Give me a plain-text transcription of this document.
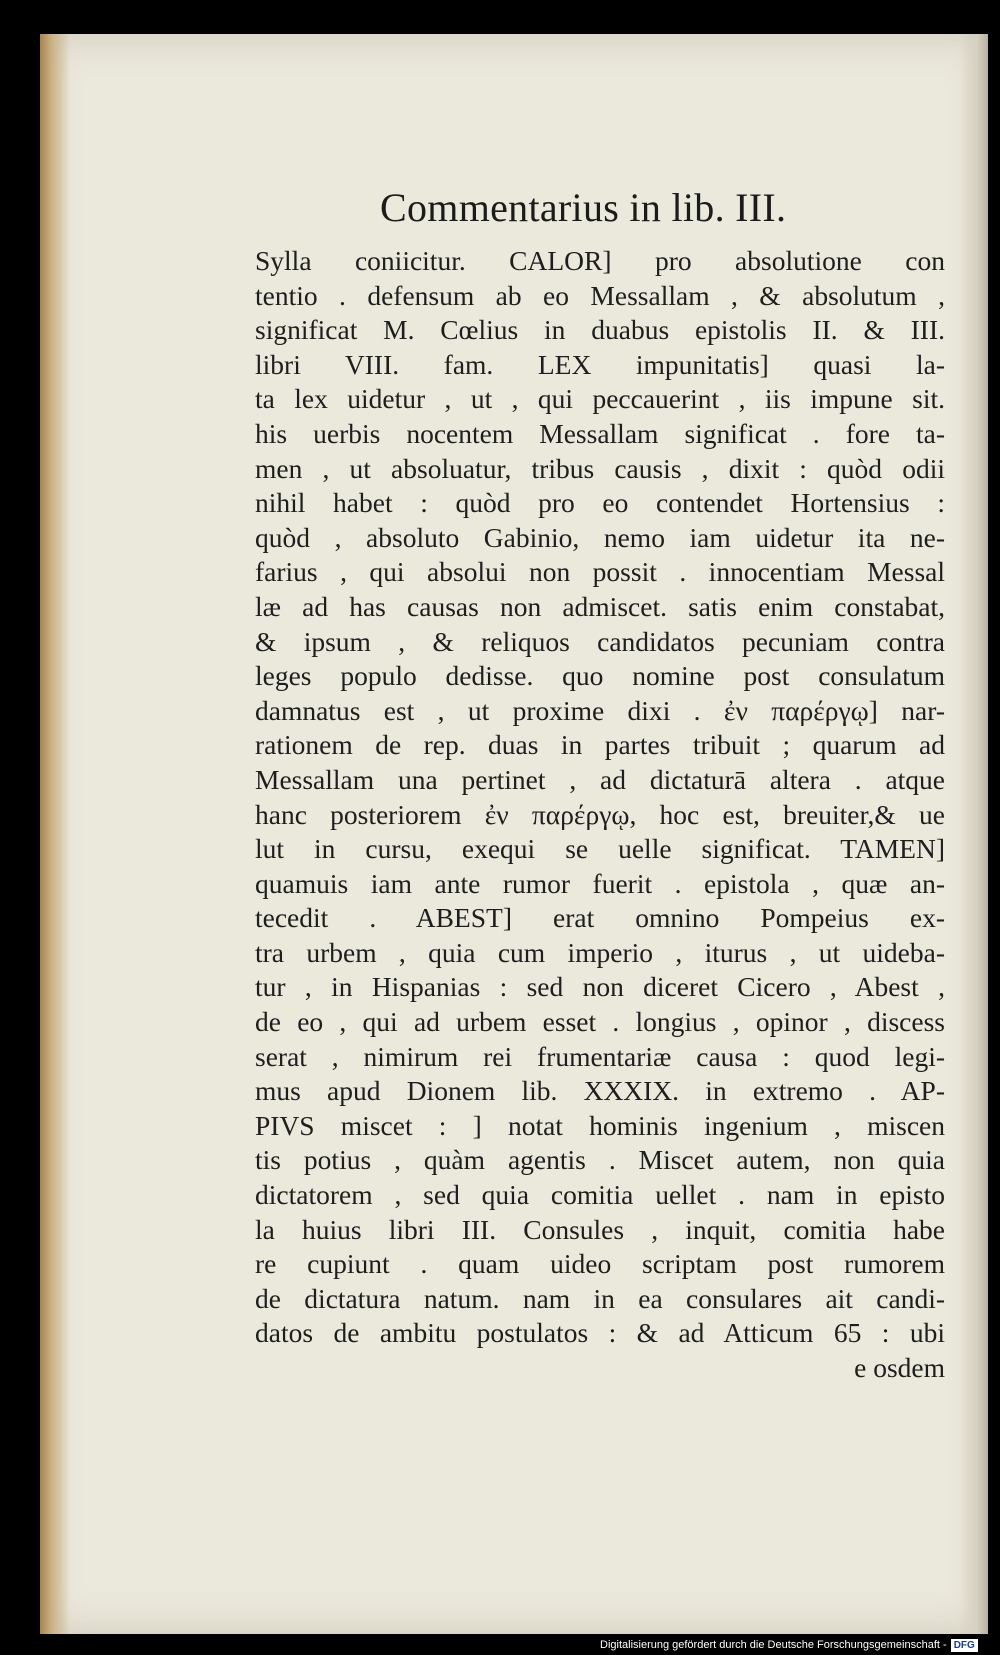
Commentarius in lib. III.
Sylla coniicitur. CALOR] pro absolutione con
tentio . defensum ab eo Messallam , & absolutum ,
significat M. Cœlius in duabus epistolis II. & III.
libri VIII. fam. LEX impunitatis] quasi la-
ta lex uidetur , ut , qui peccauerint , iis impune sit.
his uerbis nocentem Messallam significat . fore ta-
men , ut absoluatur, tribus causis , dixit : quòd odii
nihil habet : quòd pro eo contendet Hortensius :
quòd , absoluto Gabinio, nemo iam uidetur ita ne-
farius , qui absolui non possit . innocentiam Messal
læ ad has causas non admiscet. satis enim constabat,
& ipsum , & reliquos candidatos pecuniam contra
leges populo dedisse. quo nomine post consulatum
damnatus est , ut proxime dixi . ἐν παρέργῳ] nar-
rationem de rep. duas in partes tribuit ; quarum ad
Messallam una pertinet , ad dictaturā altera . atque
hanc posteriorem ἐν παρέργῳ, hoc est, breuiter,& ue
lut in cursu, exequi se uelle significat. TAMEN]
quamuis iam ante rumor fuerit . epistola , quæ an-
tecedit . ABEST] erat omnino Pompeius ex-
tra urbem , quia cum imperio , iturus , ut uideba-
tur , in Hispanias : sed non diceret Cicero , Abest ,
de eo , qui ad urbem esset . longius , opinor , discess
serat , nimirum rei frumentariæ causa : quod legi-
mus apud Dionem lib. XXXIX. in extremo . AP-
PIVS miscet : ] notat hominis ingenium , miscen
tis potius , quàm agentis . Miscet autem, non quia
dictatorem , sed quia comitia uellet . nam in episto
la huius libri III. Consules , inquit, comitia habe
re cupiunt . quam uideo scriptam post rumorem
de dictatura natum. nam in ea consulares ait candi-
datos de ambitu postulatos : & ad Atticum 65 : ubi
e osdem
Digitalisierung gefördert durch die Deutsche Forschungsgemeinschaft - DFG
